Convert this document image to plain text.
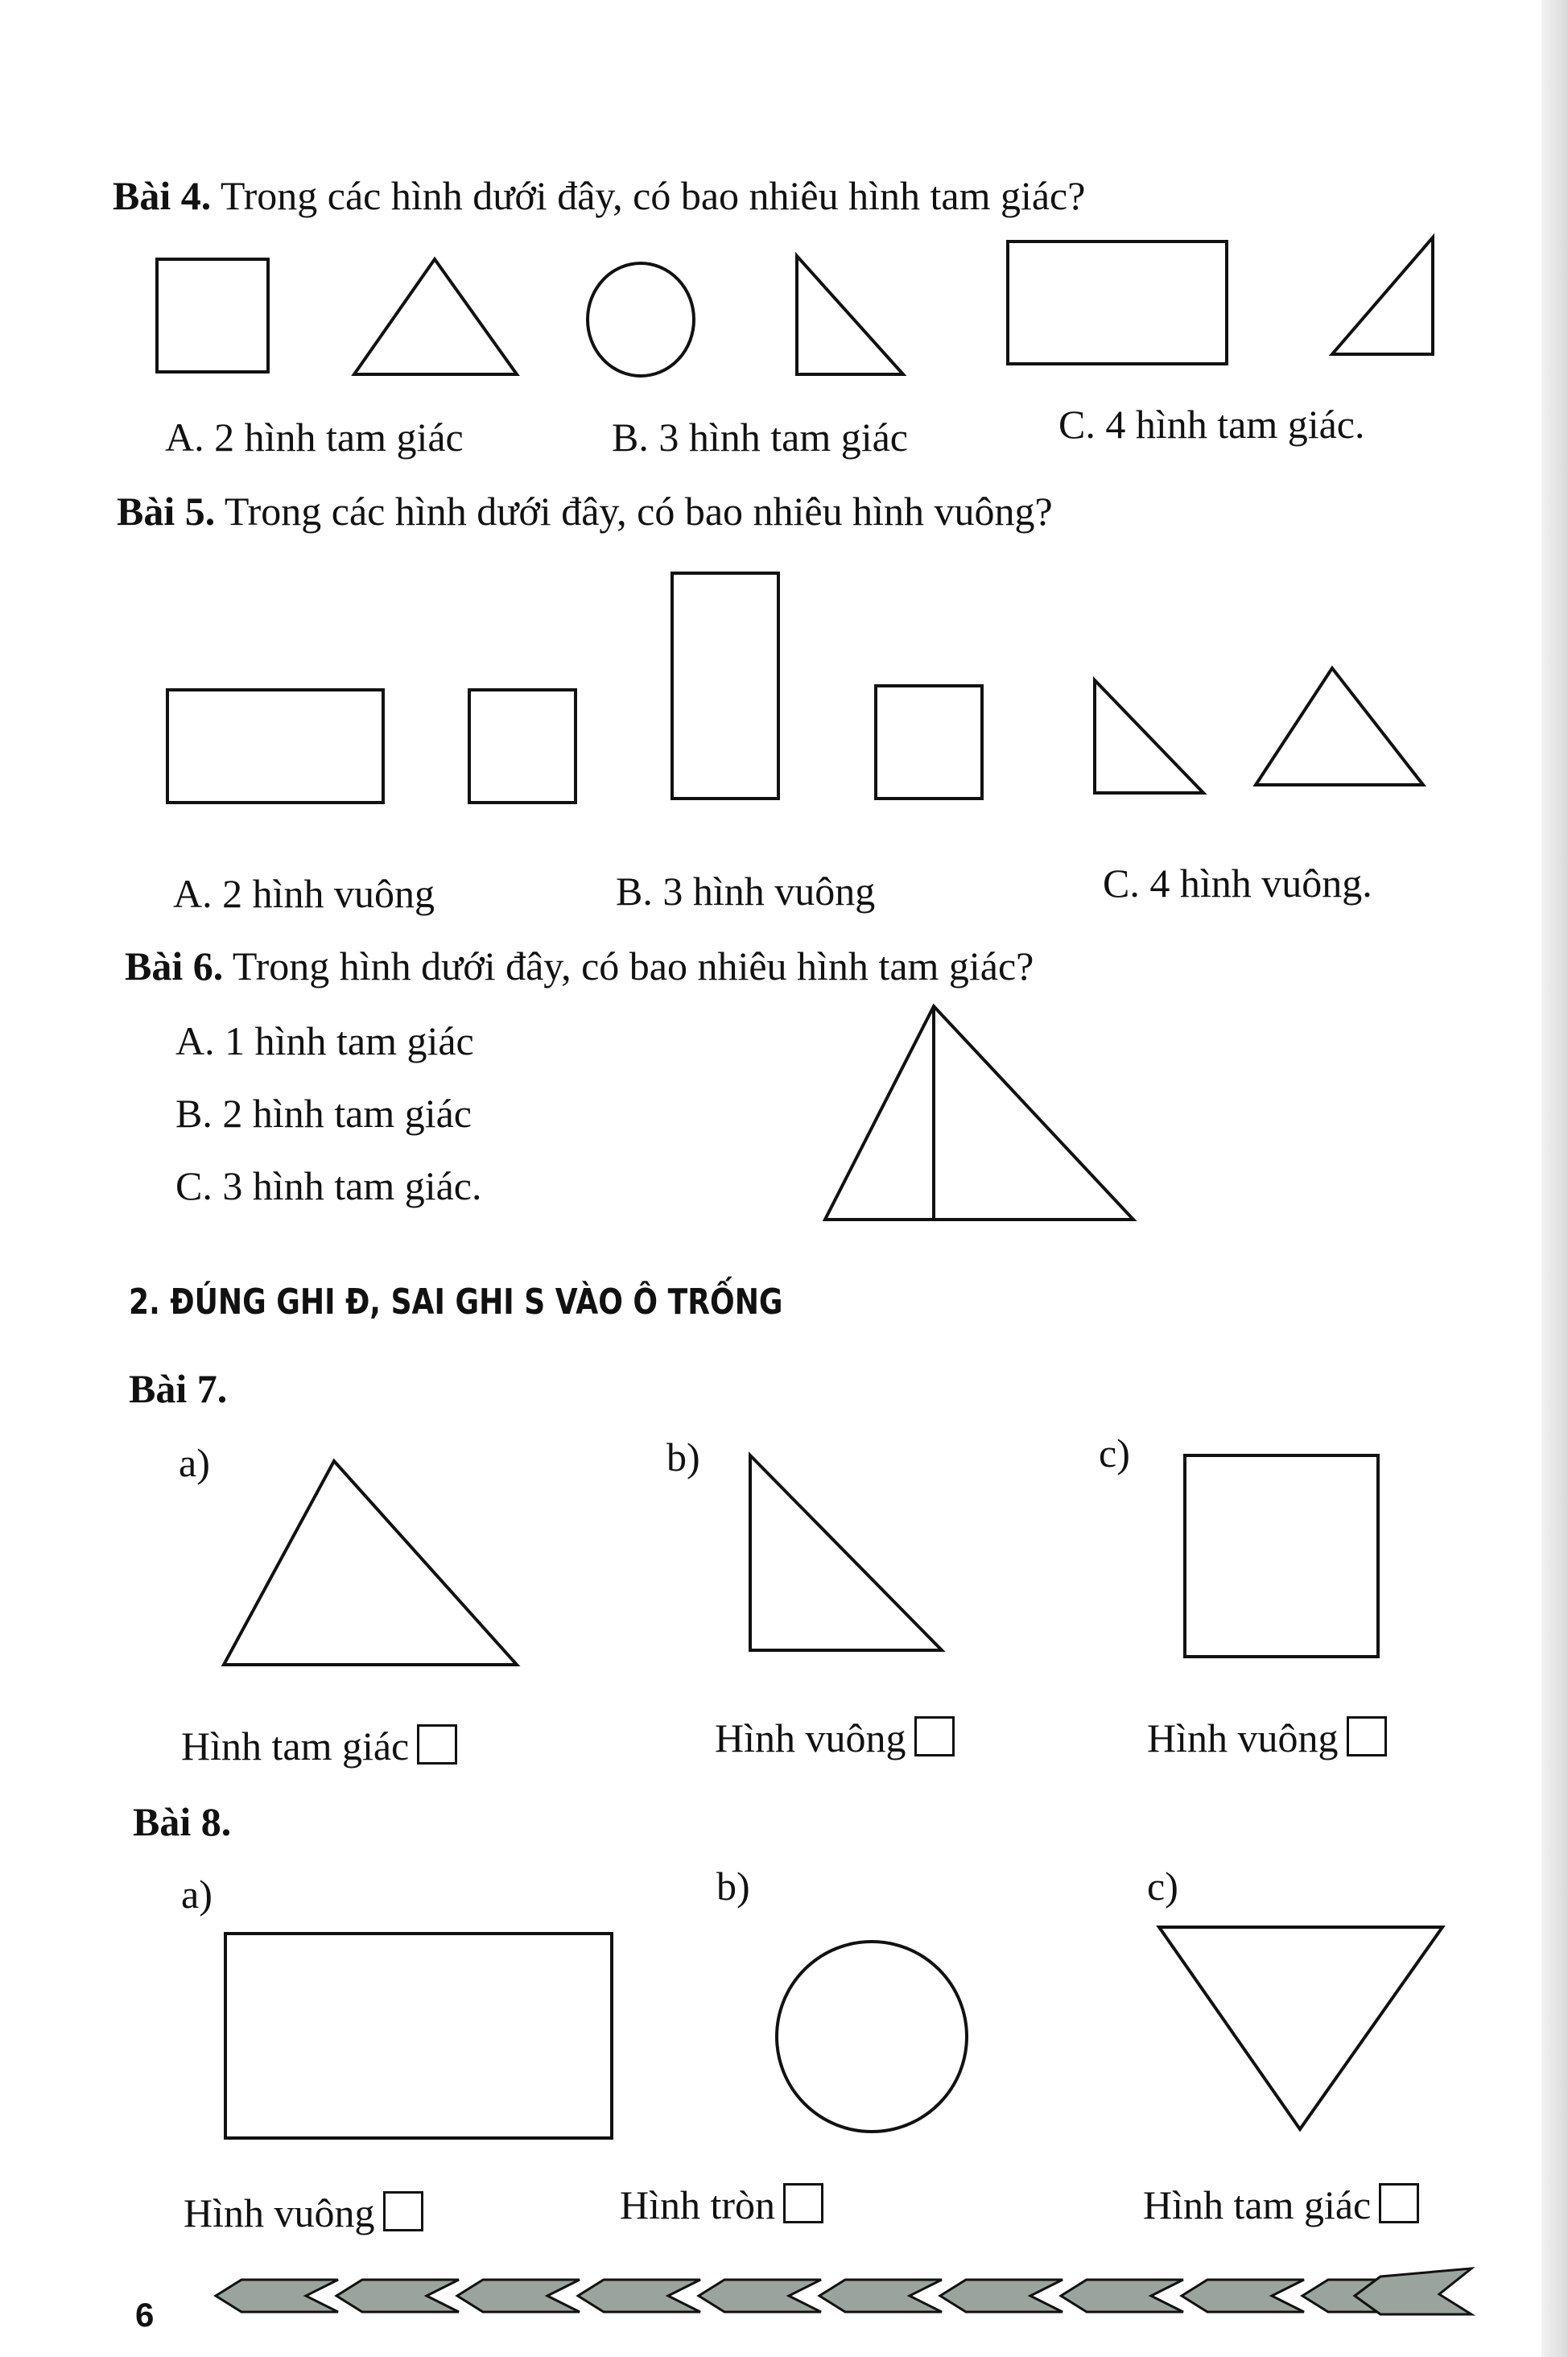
Bài 4. Trong các hình dưới đây, có bao nhiêu hình tam giác?
A. 2 hình tam giác	B. 3 hình tam giác	C. 4 hình tam giác.
Bài 5. Trong các hình dưới đây, có bao nhiêu hình vuông?
A. 2 hình vuông	B. 3 hình vuông	C. 4 hình vuông.
Bài 6. Trong hình dưới đây, có bao nhiêu hình tam giác?
A. 1 hình tam giác
B. 2 hình tam giác
C. 3 hình tam giác.
2. ĐÚNG GHI Đ, SAI GHI S VÀO Ô TRỐNG
Bài 7.
a)	b)	c)
Hình tam giác	Hình vuông	Hình vuông
Bài 8.
a)	b)	c)
Hình vuông	Hình tròn	Hình tam giác
6
